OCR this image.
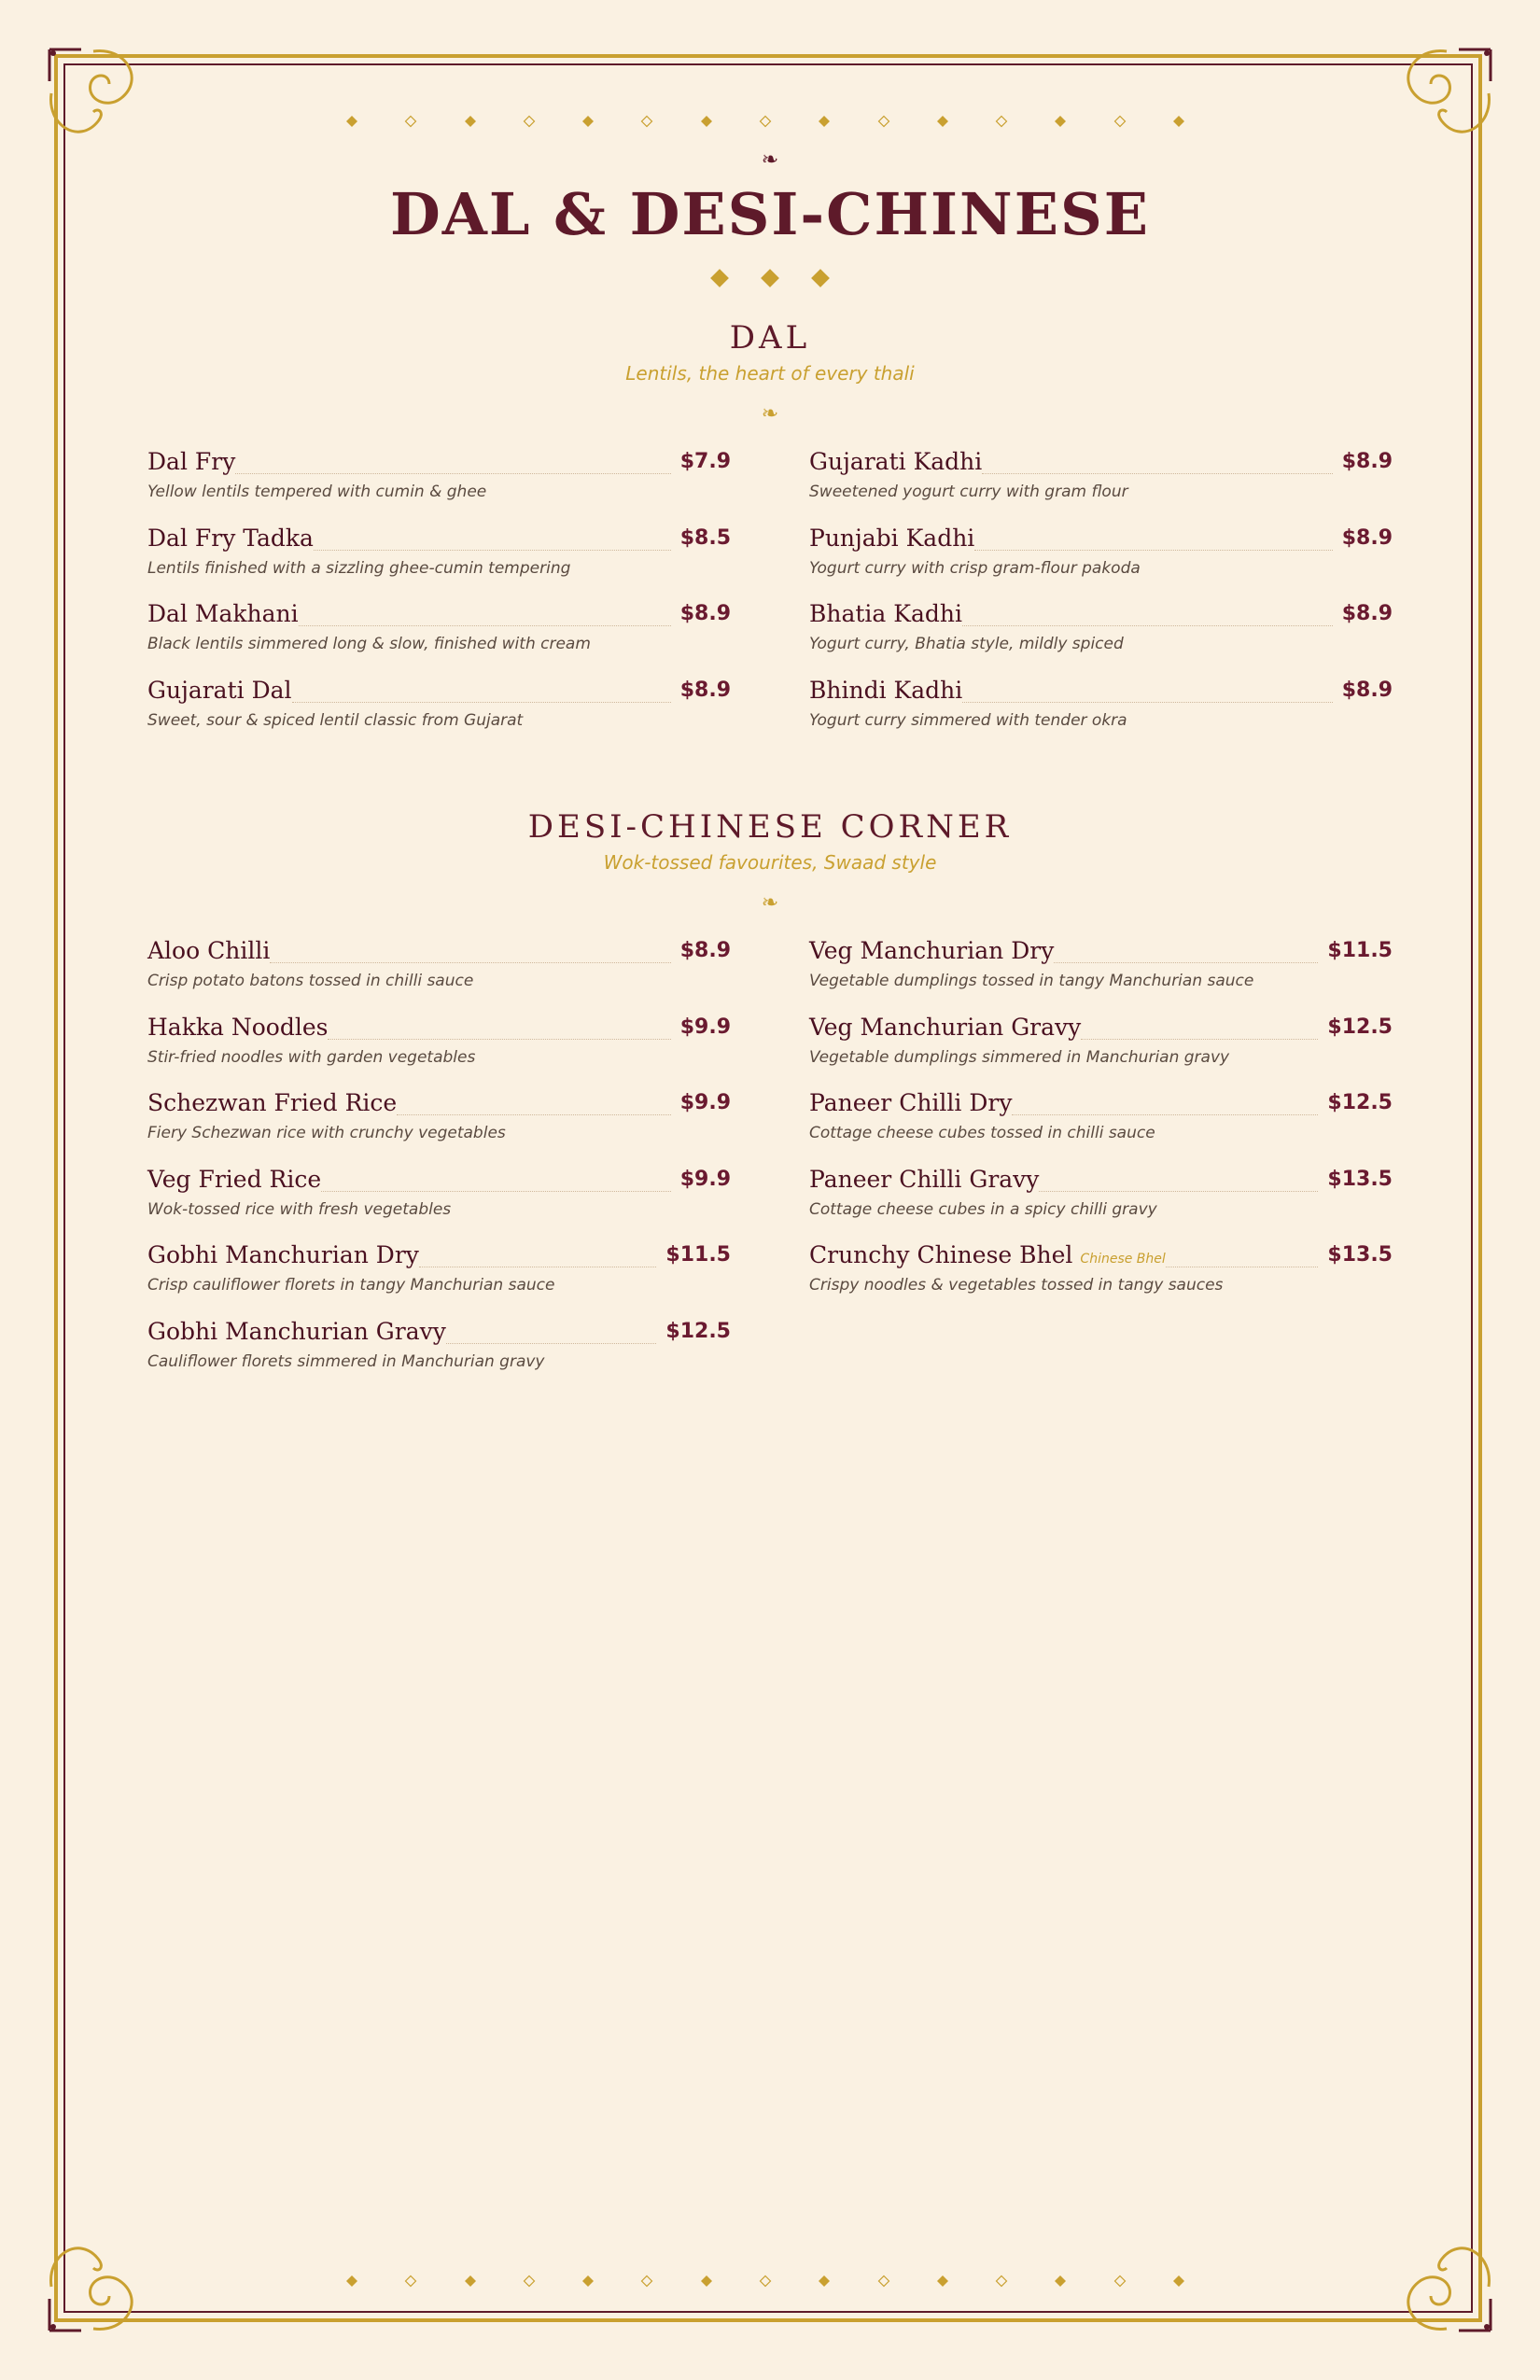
❧
DAL & DESI-CHINESE
DAL
Lentils, the heart of every thali
❧
Dal Fry	$7.9
Yellow lentils tempered with cumin & ghee
Dal Fry Tadka	$8.5
Lentils finished with a sizzling ghee-cumin tempering
Dal Makhani	$8.9
Black lentils simmered long & slow, finished with cream
Gujarati Dal	$8.9
Sweet, sour & spiced lentil classic from Gujarat
Gujarati Kadhi	$8.9
Sweetened yogurt curry with gram flour
Punjabi Kadhi	$8.9
Yogurt curry with crisp gram-flour pakoda
Bhatia Kadhi	$8.9
Yogurt curry, Bhatia style, mildly spiced
Bhindi Kadhi	$8.9
Yogurt curry simmered with tender okra
DESI-CHINESE CORNER
Wok-tossed favourites, Swaad style
❧
Aloo Chilli	$8.9
Crisp potato batons tossed in chilli sauce
Hakka Noodles	$9.9
Stir-fried noodles with garden vegetables
Schezwan Fried Rice	$9.9
Fiery Schezwan rice with crunchy vegetables
Veg Fried Rice	$9.9
Wok-tossed rice with fresh vegetables
Gobhi Manchurian Dry	$11.5
Crisp cauliflower florets in tangy Manchurian sauce
Gobhi Manchurian Gravy	$12.5
Cauliflower florets simmered in Manchurian gravy
Veg Manchurian Dry	$11.5
Vegetable dumplings tossed in tangy Manchurian sauce
Veg Manchurian Gravy	$12.5
Vegetable dumplings simmered in Manchurian gravy
Paneer Chilli Dry	$12.5
Cottage cheese cubes tossed in chilli sauce
Paneer Chilli Gravy	$13.5
Cottage cheese cubes in a spicy chilli gravy
Crunchy Chinese Bhel Chinese Bhel	$13.5
Crispy noodles & vegetables tossed in tangy sauces
